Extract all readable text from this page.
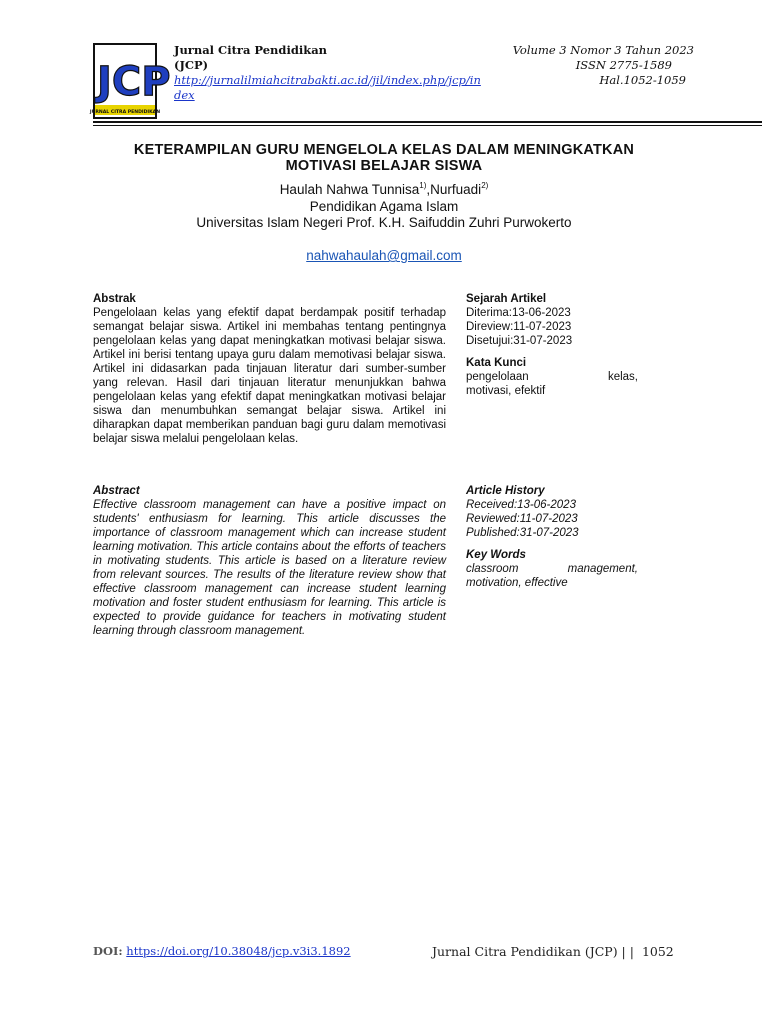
JCP
JURNAL CITRA PENDIDIKAN
Jurnal Citra Pendidikan
(JCP)
http://jurnalilmiahcitrabakti.ac.id/jil/index.php/jcp/index
Volume 3 Nomor 3 Tahun 2023
ISSN 2775-1589
Hal.1052-1059
KETERAMPILAN GURU MENGELOLA KELAS DALAM MENINGKATKAN
MOTIVASI BELAJAR SISWA
Haulah Nahwa Tunnisa$^{1)}$,Nurfuadi$^{2)}$
Pendidikan Agama Islam
Universitas Islam Negeri Prof. K.H. Saifuddin Zuhri Purwokerto
nahwahaulah@gmail.com
Abstrak
Pengelolaan kelas yang efektif dapat berdampak positif terhadap semangat belajar siswa. Artikel ini membahas tentang pentingnya pengelolaan kelas yang dapat meningkatkan motivasi belajar siswa. Artikel ini berisi tentang upaya guru dalam memotivasi belajar siswa. Artikel ini didasarkan pada tinjauan literatur dari sumber-sumber yang relevan. Hasil dari tinjauan literatur menunjukkan bahwa pengelolaan kelas yang efektif dapat meningkatkan motivasi belajar siswa dan menumbuhkan semangat belajar siswa. Artikel ini diharapkan dapat memberikan panduan bagi guru dalam memotivasi belajar siswa melalui pengelolaan kelas.
Sejarah Artikel
Diterima:13-06-2023
Direview:11-07-2023
Disetujui:31-07-2023
Kata Kunci
pengelolaan	kelas,
motivasi, efektif
Abstract
Effective classroom management can have a positive impact on students' enthusiasm for learning. This article discusses the importance of classroom management which can increase student learning motivation. This article contains about the efforts of teachers in motivating students. This article is based on a literature review from relevant sources. The results of the literature review show that effective classroom management can increase student learning motivation and foster student enthusiasm for learning. This article is expected to provide guidance for teachers in motivating student learning through classroom management.
Article History
Received:13-06-2023
Reviewed:11-07-2023
Published:31-07-2023
Key Words
classroom	management,
motivation, effective
DOI: https://doi.org/10.38048/jcp.v3i3.1892	Jurnal Citra Pendidikan (JCP) | | 1052
